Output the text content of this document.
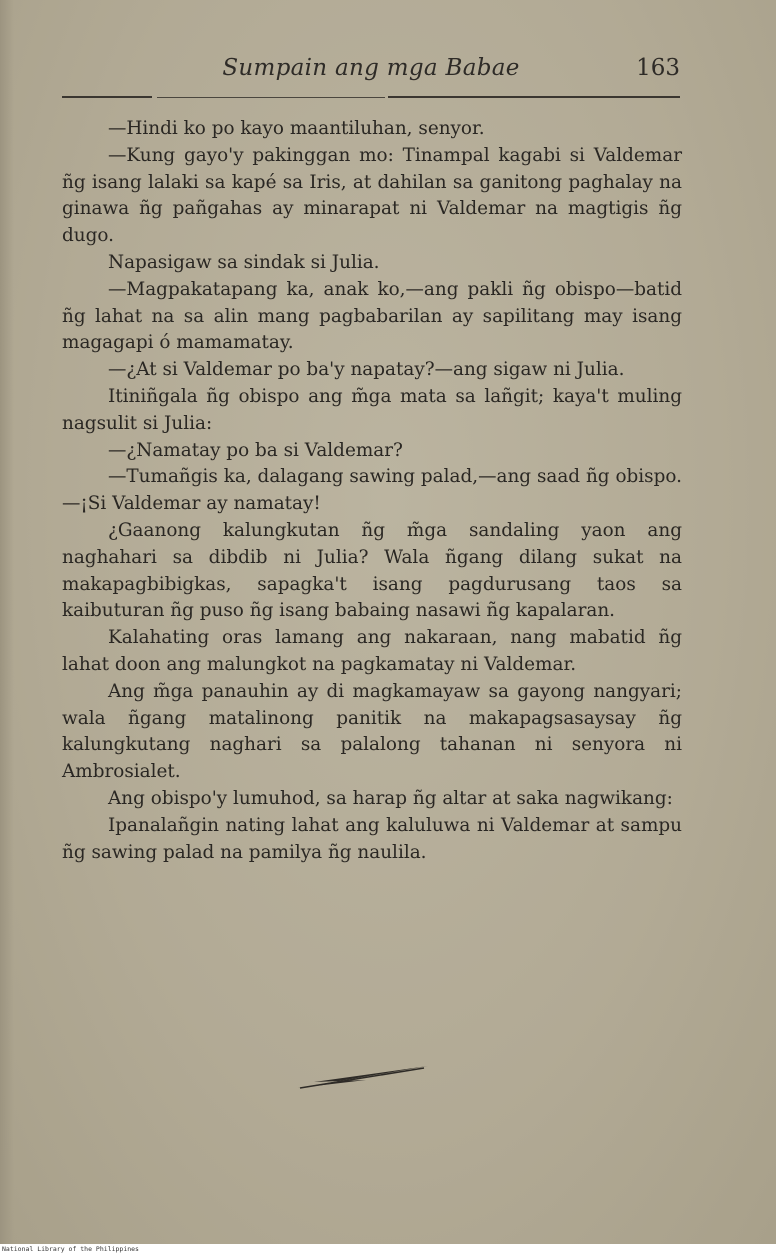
Sumpain ang mga Babae	163

—Hindi ko po kayo maantiluhan, senyor.

—Kung gayo'y pakinggan mo: Tinampal kagabi si Valdemar ñg isang lalaki sa kapé sa Iris, at dahilan sa ganitong paghalay na ginawa ñg pañgahas ay minarapat ni Valdemar na magtigis ñg dugo.

Napasigaw sa sindak si Julia.

—Magpakatapang ka, anak ko,—ang pakli ñg obispo—batid ñg lahat na sa alin mang pagbabarilan ay sapilitang may isang magagapi ó mamamatay.

—¿At si Valdemar po ba'y napatay?—ang sigaw ni Julia.

Itiniñgala ñg obispo ang m̃ga mata sa lañgit; kaya't muling nagsulit si Julia:

—¿Namatay po ba si Valdemar?

—Tumañgis ka, dalagang sawing palad,—ang saad ñg obispo.—¡Si Valdemar ay namatay!

¿Gaanong kalungkutan ñg m̃ga sandaling yaon ang naghahari sa dibdib ni Julia? Wala ñgang dilang sukat na makapagbibigkas, sapagka't isang pagdurusang taos sa kaibuturan ñg puso ñg isang babaing nasawi ñg kapalaran.

Kalahating oras lamang ang nakaraan, nang mabatid ñg lahat doon ang malungkot na pagkamatay ni Valdemar.

Ang m̃ga panauhin ay di magkamayaw sa gayong nangyari; wala ñgang matalinong panitik na makapagsasaysay ñg kalungkutang naghari sa palalong tahanan ni senyora ni Ambrosialet.

Ang obispo'y lumuhod, sa harap ñg altar at saka nagwikang:

Ipanalañgin nating lahat ang kaluluwa ni Valdemar at sampu ñg sawing palad na pamilya ñg naulila.

National Library of the Philippines
